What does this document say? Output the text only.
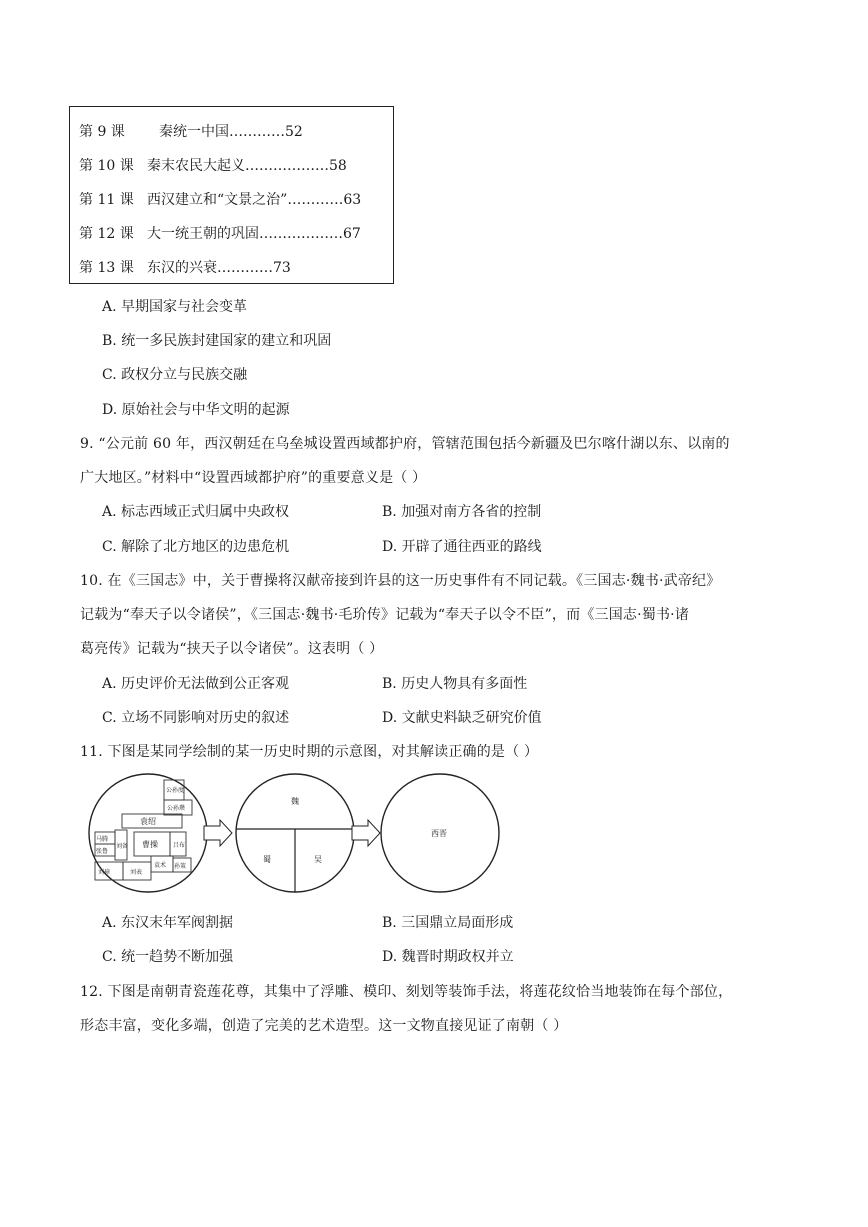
第 9 课 秦统一中国…………52
第 10 课 秦末农民大起义………………58
第 11 课 西汉建立和“文景之治”…………63
第 12 课 大一统王朝的巩固………………67
第 13 课 东汉的兴衰…………73
A. 早期国家与社会变革
B. 统一多民族封建国家的建立和巩固
C. 政权分立与民族交融
D. 原始社会与中华文明的起源
9. “公元前 60 年，西汉朝廷在乌垒城设置西域都护府，管辖范围包括今新疆及巴尔喀什湖以东、以南的
广大地区。”材料中“设置西域都护府”的重要意义是（ ）
A. 标志西域正式归属中央政权	B. 加强对南方各省的控制
C. 解除了北方地区的边患危机	D. 开辟了通往西亚的路线
10. 在《三国志》中，关于曹操将汉献帝接到许县的这一历史事件有不同记载。《三国志·魏书·武帝纪》
记载为“奉天子以令诸侯”，《三国志·魏书·毛玠传》记载为“奉天子以令不臣”，而《三国志·蜀书·诸
葛亮传》记载为“挟天子以令诸侯”。这表明（ ）
A. 历史评价无法做到公正客观	B. 历史人物具有多面性
C. 立场不同影响对历史的叙述	D. 文献史料缺乏研究价值
11. 下图是某同学绘制的某一历史时期的示意图，对其解读正确的是（ ）
公孙度
公孙瓒
袁绍
曹操	吕布
马腾
张鲁
刘备
刘璋	刘表
袁术 孙策
魏
蜀	吴
西晋
A. 东汉末年军阀割据	B. 三国鼎立局面形成
C. 统一趋势不断加强	D. 魏晋时期政权并立
12. 下图是南朝青瓷莲花尊，其集中了浮雕、模印、刻划等装饰手法，将莲花纹恰当地装饰在每个部位，
形态丰富，变化多端，创造了完美的艺术造型。这一文物直接见证了南朝（ ）
